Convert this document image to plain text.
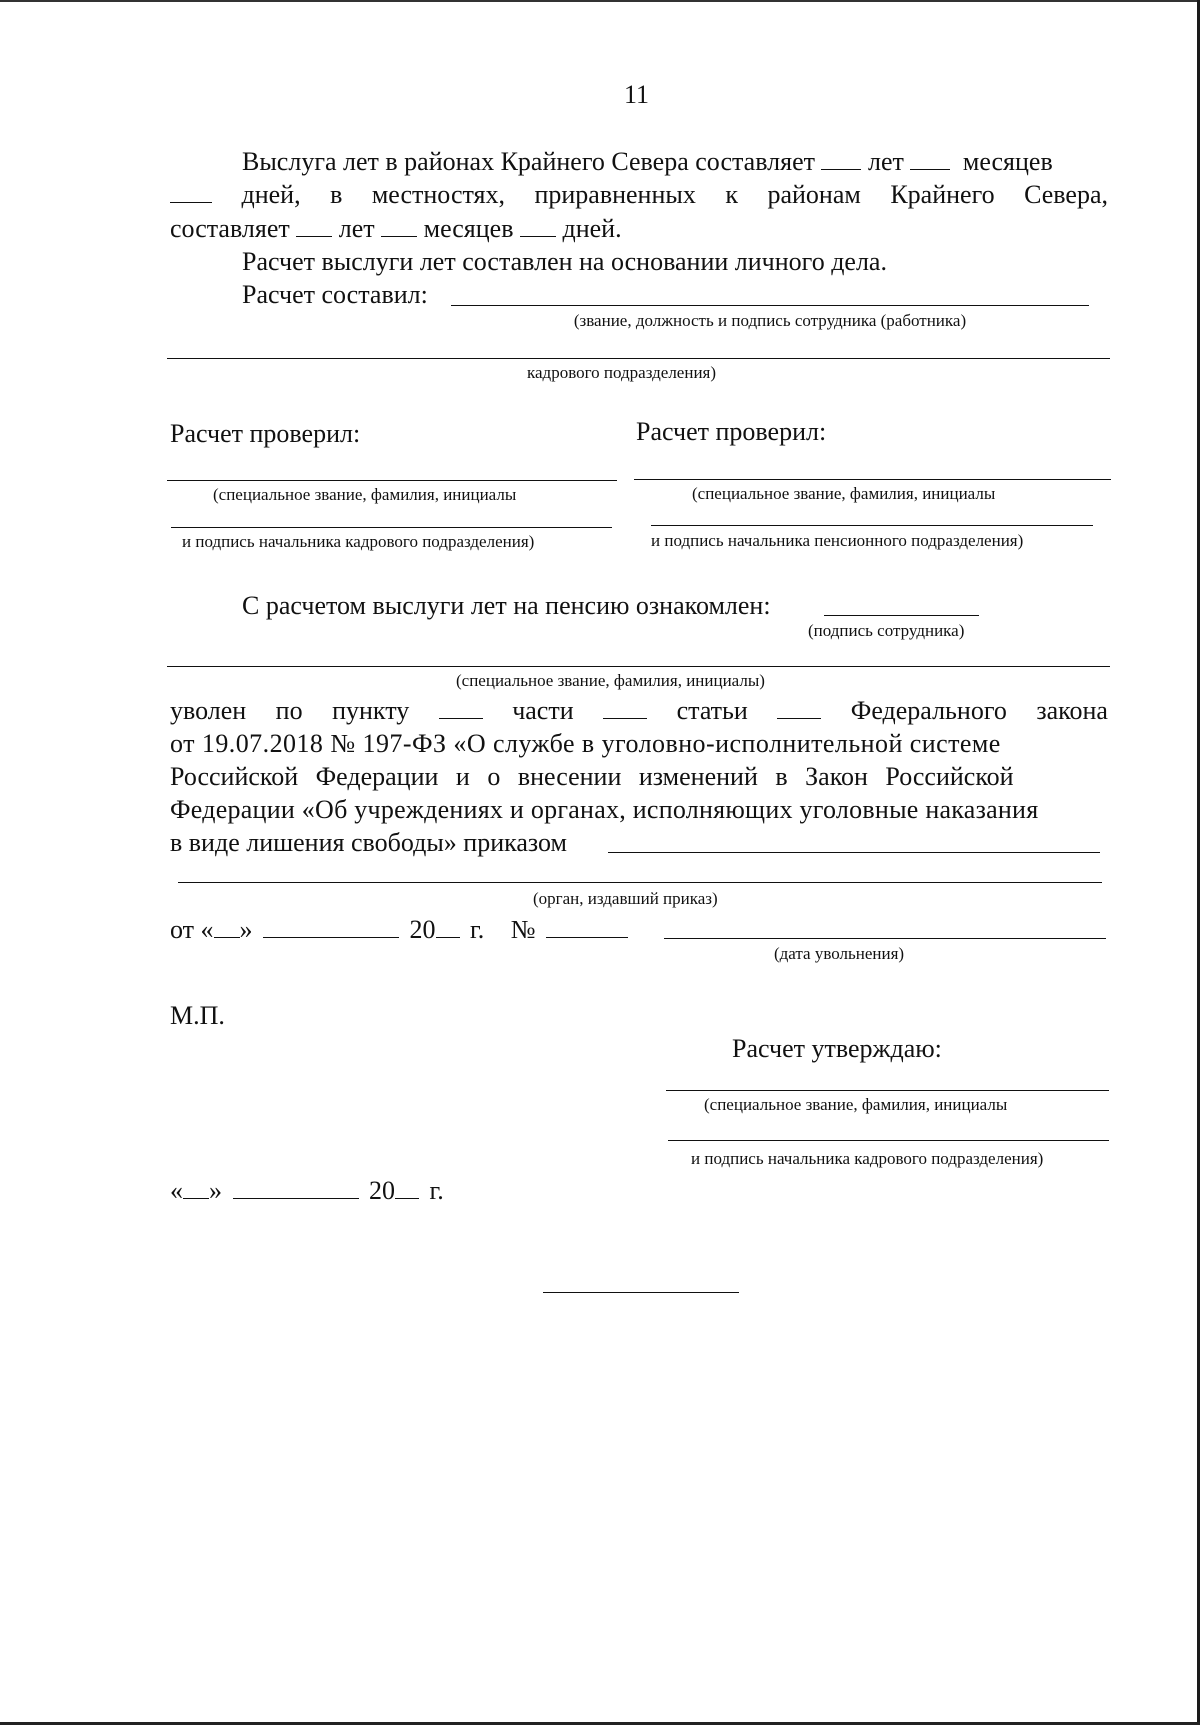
11
Выслуга лет в районах Крайнего Севера составляет лет месяцев
дней, в местностях, приравненных к районам Крайнего Севера,
составляет лет месяцев дней.
Расчет выслуги лет составлен на основании личного дела.
Расчет составил:
(звание, должность и подпись сотрудника (работника)
кадрового подразделения)
Расчет проверил:	Расчет проверил:
(специальное звание, фамилия, инициалы
и подпись начальника кадрового подразделения)
(специальное звание, фамилия, инициалы
и подпись начальника пенсионного подразделения)
С расчетом выслуги лет на пенсию ознакомлен:
(подпись сотрудника)
(специальное звание, фамилия, инициалы)
уволен по пункту	части	статьи	Федерального закона
от 19.07.2018 № 197-ФЗ «О службе в уголовно-исполнительной системе
Российской Федерации и о внесении изменений в Закон Российской
Федерации «Об учреждениях и органах, исполняющих уголовные наказания
в виде лишения свободы» приказом
(орган, издавший приказ)
от « »	20 г. №
(дата увольнения)
М.П.
Расчет утверждаю:
(специальное звание, фамилия, инициалы
и подпись начальника кадрового подразделения)
« »	20 г.
